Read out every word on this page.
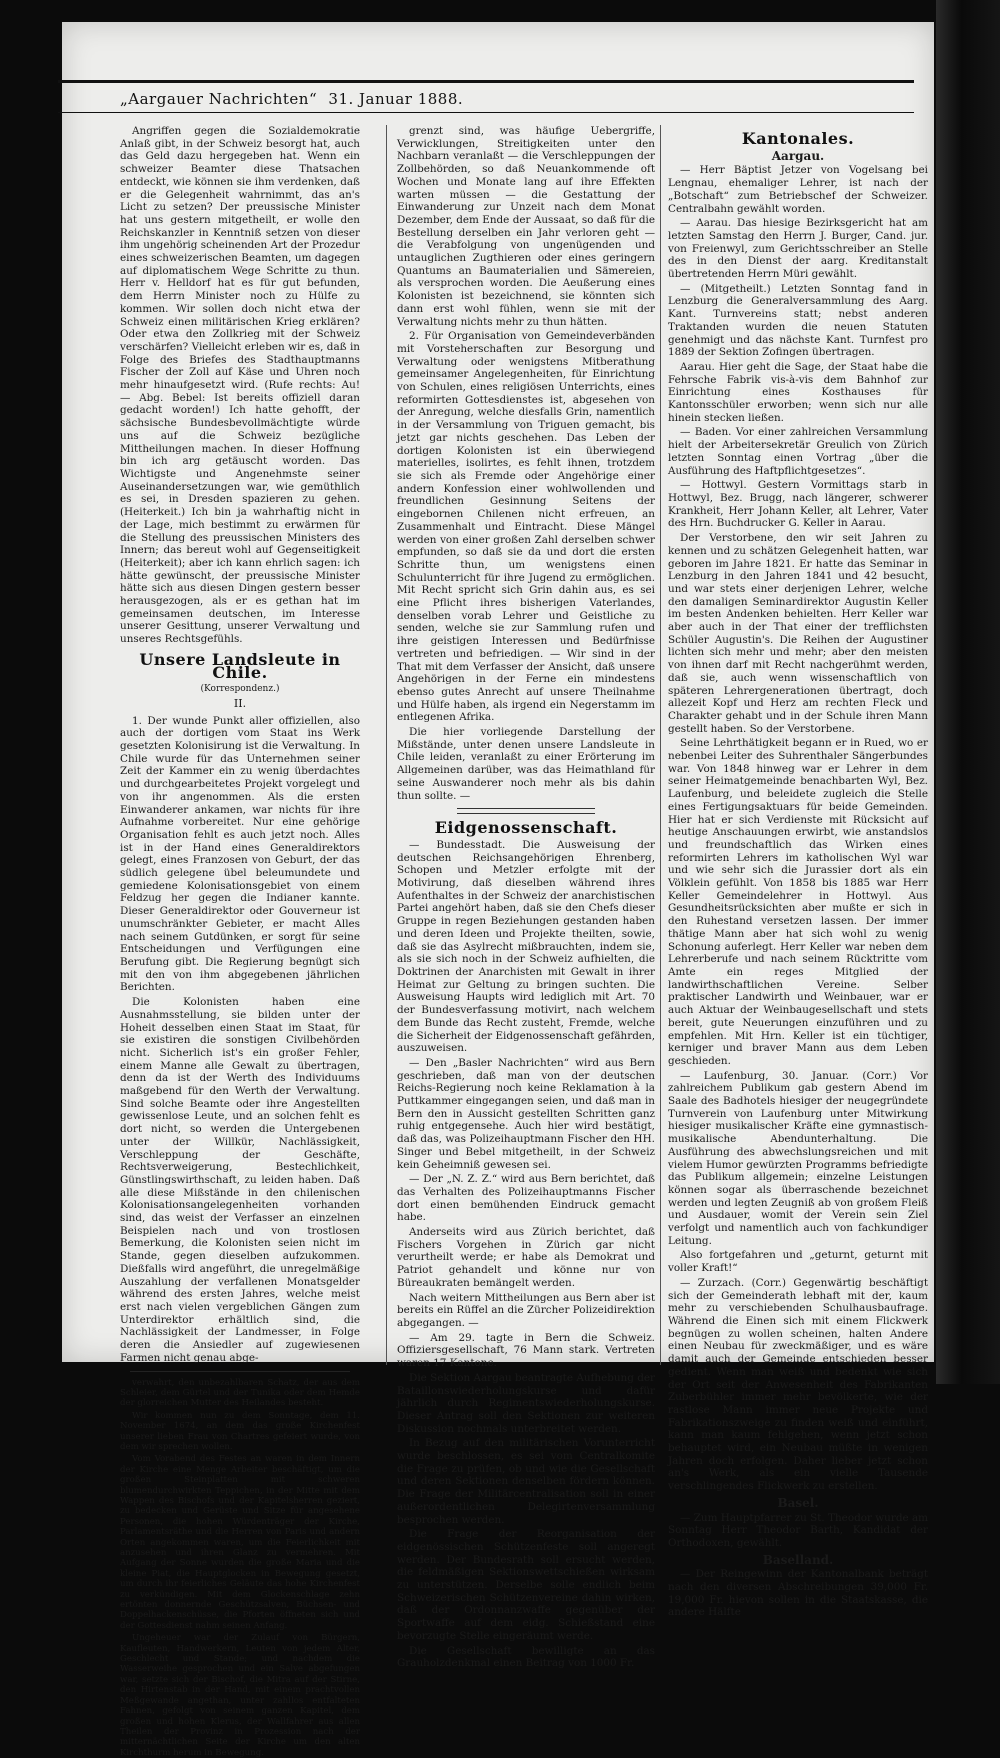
„Aargauer Nachrichten“ 31. Januar 1888.

Angriffen gegen die Sozialdemokratie Anlaß gibt, in der Schweiz besorgt hat, auch das Geld dazu hergegeben hat. Wenn ein schweizer Beamter diese Thatsachen entdeckt, wie können sie ihm verdenken, daß er die Gelegenheit wahrnimmt, das an's Licht zu setzen? Der preussische Minister hat uns gestern mitgetheilt, er wolle den Reichskanzler in Kenntniß setzen von dieser ihm ungehörig scheinenden Art der Prozedur eines schweizerischen Beamten, um dagegen auf diplomatischem Wege Schritte zu thun. Herr v. Helldorf hat es für gut befunden, dem Herrn Minister noch zu Hülfe zu kommen. Wir sollen doch nicht etwa der Schweiz einen militärischen Krieg erklären? Oder etwa den Zollkrieg mit der Schweiz verschärfen? Vielleicht erleben wir es, daß in Folge des Briefes des Stadthauptmanns Fischer der Zoll auf Käse und Uhren noch mehr hinaufgesetzt wird. (Rufe rechts: Au! — Abg. Bebel: Ist bereits offiziell daran gedacht worden!) Ich hatte gehofft, der sächsische Bundesbevollmächtigte würde uns auf die Schweiz bezügliche Mittheilungen machen. In dieser Hoffnung bin ich arg getäuscht worden. Das Wichtigste und Angenehmste seiner Auseinandersetzungen war, wie gemüthlich es sei, in Dresden spazieren zu gehen. (Heiterkeit.) Ich bin ja wahrhaftig nicht in der Lage, mich bestimmt zu erwärmen für die Stellung des preussischen Ministers des Innern; das bereut wohl auf Gegenseitigkeit (Heiterkeit); aber ich kann ehrlich sagen: ich hätte gewünscht, der preussische Minister hätte sich aus diesen Dingen gestern besser herausgezogen, als er es gethan hat im gemeinsamen deutschen, im Interesse unserer Gesittung, unserer Verwaltung und unseres Rechtsgefühls.

Unsere Landsleute in Chile.
(Korrespondenz.)
II.

1. Der wunde Punkt aller offiziellen, also auch der dortigen vom Staat ins Werk gesetzten Kolonisirung ist die Verwaltung. In Chile wurde für das Unternehmen seiner Zeit der Kammer ein zu wenig überdachtes und durchgearbeitetes Projekt vorgelegt und von ihr angenommen. Als die ersten Einwanderer ankamen, war nichts für ihre Aufnahme vorbereitet. Nur eine gehörige Organisation fehlt es auch jetzt noch. Alles ist in der Hand eines Generaldirektors gelegt, eines Franzosen von Geburt, der das südlich gelegene übel beleumundete und gemiedene Kolonisationsgebiet von einem Feldzug her gegen die Indianer kannte. Dieser Generaldirektor oder Gouverneur ist unumschränkter Gebieter, er macht Alles nach seinem Gutdünken, er sorgt für seine Entscheidungen und Verfügungen eine Berufung gibt. Die Regierung begnügt sich mit den von ihm abgegebenen jährlichen Berichten.

Die Kolonisten haben eine Ausnahmsstellung, sie bilden unter der Hoheit desselben einen Staat im Staat, für sie existiren die sonstigen Civilbehörden nicht. Sicherlich ist's ein großer Fehler, einem Manne alle Gewalt zu übertragen, denn da ist der Werth des Individuums maßgebend für den Werth der Verwaltung. Sind solche Beamte oder ihre Angestellten gewissenlose Leute, und an solchen fehlt es dort nicht, so werden die Untergebenen unter der Willkür, Nachlässigkeit, Verschleppung der Geschäfte, Rechtsverweigerung, Bestechlichkeit, Günstlingswirthschaft, zu leiden haben. Daß alle diese Mißstände in den chilenischen Kolonisationsangelegenheiten vorhanden sind, das weist der Verfasser an einzelnen Beispielen nach und von trostlosen Bemerkung, die Kolonisten seien nicht im Stande, gegen dieselben aufzukommen. Dießfalls wird angeführt, die unregelmäßige Auszahlung der verfallenen Monatsgelder während des ersten Jahres, welche meist erst nach vielen vergeblichen Gängen zum Unterdirektor erhältlich sind, die Nachlässigkeit der Landmesser, in Folge deren die Ansiedler auf zugewiesenen Farmen nicht genau abge-

verwahrt, den unbezahlbaren Schatz, der aus dem Schleier, dem Gürtel und der Tunika oder dem Hemde der glorreichen Mutter des Heilandes besteht.

Wir kommen nun zu dem Sonntage, dem 11. November 1674, an dem das große Kirchenfest unserer lieben Frau von Chartres gefeiert wurde, von dem wir sprechen wollen.

Vom Vorabend des Festes an waren in dem Innern der Kirche eine Menge Arbeiter beschäftigt, um die großen Steinplatten mit schweren blumendurchwirkten Teppichen, in der Mitte mit dem Wappen des Bischofs und der Kapitelsherren geziert, zu bedecken und Gerüste und Sitze für angesehene Personen, die hohen Würdenträger der Kirche, Parlamentsräthe und die Herren von Paris und andern Orten angekommen waren, um die Feierlichkeit mit anzusehen und ihren Glanz zu vermehren. Mit Aufgang der Sonne wurden die große Maria und die kleine Piat, die Hauptglocken in Bewegung gesetzt, um durch ihr feierliches Geläute das hohe Kirchenfest zu verkündigen. Mit dem Glockenschlage zehn ertönten donnernde Geschützsalven, Büchsen- und Doppelhackenschüsse, die Pforten öffneten sich und der Gottesdienst nahm seinen Anfang.

Ungeheuer war der Zulauf von Bürgern, Kaufleuten, Handwerkern, Leuten von jedem Alter, Geschlecht und Stande; und nachdem die Wasserweihe gesprochen und ein Salve abgefungen war, setzte sich der Bischof, die Mitra auf der Stirne, den Hirtenstab in der Hand, mit einem prachtvollen Meßgewande angethan, unter zahllos entfalteten Fahnen, gefolgt von seinem ganzen Kapitel, dem großen und hohen Klerus, der Wallfahrer aus allen Theilen der Provinz in Prozession nach der mitternächtlichen Seite der Kirche um den alten Kirchthurm herum in Bewegung.

grenzt sind, was häufige Uebergriffe, Verwicklungen, Streitigkeiten unter den Nachbarn veranlaßt — die Verschleppungen der Zollbehörden, so daß Neuankommende oft Wochen und Monate lang auf ihre Effekten warten müssen — die Gestattung der Einwanderung zur Unzeit nach dem Monat Dezember, dem Ende der Aussaat, so daß für die Bestellung derselben ein Jahr verloren geht — die Verabfolgung von ungenügenden und untauglichen Zugthieren oder eines geringern Quantums an Baumaterialien und Sämereien, als versprochen worden. Die Aeußerung eines Kolonisten ist bezeichnend, sie könnten sich dann erst wohl fühlen, wenn sie mit der Verwaltung nichts mehr zu thun hätten.

2. Für Organisation von Gemeindeverbänden mit Vorsteherschaften zur Besorgung und Verwaltung oder wenigstens Mitberathung gemeinsamer Angelegenheiten, für Einrichtung von Schulen, eines religiösen Unterrichts, eines reformirten Gottesdienstes ist, abgesehen von der Anregung, welche diesfalls Grin, namentlich in der Versammlung von Triguen gemacht, bis jetzt gar nichts geschehen. Das Leben der dortigen Kolonisten ist ein überwiegend materielles, isolirtes, es fehlt ihnen, trotzdem sie sich als Fremde oder Angehörige einer andern Konfession einer wohlwollenden und freundlichen Gesinnung Seitens der eingebornen Chilenen nicht erfreuen, an Zusammenhalt und Eintracht. Diese Mängel werden von einer großen Zahl derselben schwer empfunden, so daß sie da und dort die ersten Schritte thun, um wenigstens einen Schulunterricht für ihre Jugend zu ermöglichen. Mit Recht spricht sich Grin dahin aus, es sei eine Pflicht ihres bisherigen Vaterlandes, denselben vorab Lehrer und Geistliche zu senden, welche sie zur Sammlung rufen und ihre geistigen Interessen und Bedürfnisse vertreten und befriedigen. — Wir sind in der That mit dem Verfasser der Ansicht, daß unsere Angehörigen in der Ferne ein mindestens ebenso gutes Anrecht auf unsere Theilnahme und Hülfe haben, als irgend ein Negerstamm im entlegenen Afrika.

Die hier vorliegende Darstellung der Mißstände, unter denen unsere Landsleute in Chile leiden, veranlaßt zu einer Erörterung im Allgemeinen darüber, was das Heimathland für seine Auswanderer noch mehr als bis dahin thun sollte. —

Eidgenossenschaft.

— Bundesstadt. Die Ausweisung der deutschen Reichsangehörigen Ehrenberg, Schopen und Metzler erfolgte mit der Motivirung, daß dieselben während ihres Aufenthaltes in der Schweiz der anarchistischen Partei angehört haben, daß sie den Chefs dieser Gruppe in regen Beziehungen gestanden haben und deren Ideen und Projekte theilten, sowie, daß sie das Asylrecht mißbrauchten, indem sie, als sie sich noch in der Schweiz aufhielten, die Doktrinen der Anarchisten mit Gewalt in ihrer Heimat zur Geltung zu bringen suchten. Die Ausweisung Haupts wird lediglich mit Art. 70 der Bundesverfassung motivirt, nach welchem dem Bunde das Recht zusteht, Fremde, welche die Sicherheit der Eidgenossenschaft gefährden, auszuweisen.

— Den „Basler Nachrichten“ wird aus Bern geschrieben, daß man von der deutschen Reichs-Regierung noch keine Reklamation à la Puttkammer eingegangen seien, und daß man in Bern den in Aussicht gestellten Schritten ganz ruhig entgegensehe. Auch hier wird bestätigt, daß das, was Polizeihauptmann Fischer den HH. Singer und Bebel mitgetheilt, in der Schweiz kein Geheimniß gewesen sei.

— Der „N. Z. Z.“ wird aus Bern berichtet, daß das Verhalten des Polizeihauptmanns Fischer dort einen bemühenden Eindruck gemacht habe.

Anderseits wird aus Zürich berichtet, daß Fischers Vorgehen in Zürich gar nicht verurtheilt werde; er habe als Demokrat und Patriot gehandelt und könne nur von Büreaukraten bemängelt werden.

Nach weitern Mittheilungen aus Bern aber ist bereits ein Rüffel an die Zürcher Polizeidirektion abgegangen. —

— Am 29. tagte in Bern die Schweiz. Offiziersgesellschaft, 76 Mann stark. Vertreten waren 17 Kantone.

Die Sektion Aargau beantragte Aufhebung der Bataillonswiederholungskurse und dafür jährlich durch Regimentswiederholungskurse. Dieser Antrag soll den Sektionen zur weiteren Diskussion nochmals unterbreitet werden.

In Bezug auf den militärischen Vorunterricht wurde beschlossen, es sei vom Centralkomite die Frage zu prüfen, ob und wie die Gesellschaft und deren Sektionen denselben fördern können. Die Frage der Militärcentralisation soll in einer außerordentlichen Delegirtenversammlung besprochen werden.

Die Frage der Reorganisation der eidgenössischen Schützenfeste soll angeregt werden. Der Bundesrath soll ersucht werden, die feldmäßigen Sektionswettschießen wirksam zu unterstützen. Derselbe solle endlich beim Schweizerischen Schützenvereine dahin wirken, daß der Ordonnanzwaffe gegenüber der Sportwaffe auf dem eidg. Schießstand eine bevorzugte Stelle eingeräumt werde.

Die Gesellschaft bewilligte an das Grauholzdenkmal einen Beitrag von 1000 Fr.

Kantonales.
Aargau.

— Herr Bäptist Jetzer von Vogelsang bei Lengnau, ehemaliger Lehrer, ist nach der „Botschaft“ zum Betriebschef der Schweizer. Centralbahn gewählt worden.

— Aarau. Das hiesige Bezirksgericht hat am letzten Samstag den Herrn J. Burger, Cand. jur. von Freienwyl, zum Gerichtsschreiber an Stelle des in den Dienst der aarg. Kreditanstalt übertretenden Herrn Müri gewählt.

— (Mitgetheilt.) Letzten Sonntag fand in Lenzburg die Generalversammlung des Aarg. Kant. Turnvereins statt; nebst anderen Traktanden wurden die neuen Statuten genehmigt und das nächste Kant. Turnfest pro 1889 der Sektion Zofingen übertragen.

Aarau. Hier geht die Sage, der Staat habe die Fehrsche Fabrik vis-à-vis dem Bahnhof zur Einrichtung eines Kosthauses für Kantonsschüler erworben; wenn sich nur alle hinein stecken ließen.

— Baden. Vor einer zahlreichen Versammlung hielt der Arbeitersekretär Greulich von Zürich letzten Sonntag einen Vortrag „über die Ausführung des Haftpflichtgesetzes“.

— Hottwyl. Gestern Vormittags starb in Hottwyl, Bez. Brugg, nach längerer, schwerer Krankheit, Herr Johann Keller, alt Lehrer, Vater des Hrn. Buchdrucker G. Keller in Aarau.

Der Verstorbene, den wir seit Jahren zu kennen und zu schätzen Gelegenheit hatten, war geboren im Jahre 1821. Er hatte das Seminar in Lenzburg in den Jahren 1841 und 42 besucht, und war stets einer derjenigen Lehrer, welche den damaligen Seminardirektor Augustin Keller im besten Andenken behielten. Herr Keller war aber auch in der That einer der trefflichsten Schüler Augustin's. Die Reihen der Augustiner lichten sich mehr und mehr; aber den meisten von ihnen darf mit Recht nachgerühmt werden, daß sie, auch wenn wissenschaftlich von späteren Lehrergenerationen übertragt, doch allezeit Kopf und Herz am rechten Fleck und Charakter gehabt und in der Schule ihren Mann gestellt haben. So der Verstorbene.

Seine Lehrthätigkeit begann er in Rued, wo er nebenbei Leiter des Suhrenthaler Sängerbundes war. Von 1848 hinweg war er Lehrer in dem seiner Heimatgemeinde benachbarten Wyl, Bez. Laufenburg, und beleidete zugleich die Stelle eines Fertigungsaktuars für beide Gemeinden. Hier hat er sich Verdienste mit Rücksicht auf heutige Anschauungen erwirbt, wie anstandslos und freundschaftlich das Wirken eines reformirten Lehrers im katholischen Wyl war und wie sehr sich die Jurassier dort als ein Völklein gefühlt. Von 1858 bis 1885 war Herr Keller Gemeindelehrer in Hottwyl. Aus Gesundheitsrücksichten aber mußte er sich in den Ruhestand versetzen lassen. Der immer thätige Mann aber hat sich wohl zu wenig Schonung auferlegt. Herr Keller war neben dem Lehrerberufe und nach seinem Rücktritte vom Amte ein reges Mitglied der landwirthschaftlichen Vereine. Selber praktischer Landwirth und Weinbauer, war er auch Aktuar der Weinbaugesellschaft und stets bereit, gute Neuerungen einzuführen und zu empfehlen. Mit Hrn. Keller ist ein tüchtiger, kerniger und braver Mann aus dem Leben geschieden.

— Laufenburg, 30. Januar. (Corr.) Vor zahlreichem Publikum gab gestern Abend im Saale des Badhotels hiesiger der neugegründete Turnverein von Laufenburg unter Mitwirkung hiesiger musikalischer Kräfte eine gymnastisch-musikalische Abendunterhaltung. Die Ausführung des abwechslungsreichen und mit vielem Humor gewürzten Programms befriedigte das Publikum allgemein; einzelne Leistungen können sogar als überraschende bezeichnet werden und legten Zeugniß ab von großem Fleiß und Ausdauer, womit der Verein sein Ziel verfolgt und namentlich auch von fachkundiger Leitung.

Also fortgefahren und „geturnt, geturnt mit voller Kraft!“

— Zurzach. (Corr.) Gegenwärtig beschäftigt sich der Gemeinderath lebhaft mit der, kaum mehr zu verschiebenden Schulhausbaufrage. Während die Einen sich mit einem Flickwerk begnügen zu wollen scheinen, halten Andere einen Neubau für zweckmäßiger, und es wäre damit auch der Gemeinde entschieden besser gedient. Wenn man weiß und bedenkt wie sich der Ort seit der Anwesenheit des Fabrikanten Zuberbühler immer mehr bevölkerte, wie der rastlose Mann immer neue Projekte und Fabrikationszweige zu finden weiß und einführt, kann man kaum fehlgehen, wenn jetzt schon behauptet wird, ein Neubau müßte in wenigen Jahren doch erfolgen. Daher lieber jetzt schon an's Werk, als ein vielle Tausende verschlingendes Flickwerk zu erstellen.

Basel.

— Zum Hauptpfarrer zu St. Theodor wurde am Sonntag Herr Theodor Barth, Kandidat der Orthodoxen, gewählt.

Baselland.

— Der Reingewinn der Kantonalbank beträgt nach den diversen Abschreibungen 39,000 Fr. 19,000 Fr. hievon sollen in die Staatskasse, die andere Hälfte
